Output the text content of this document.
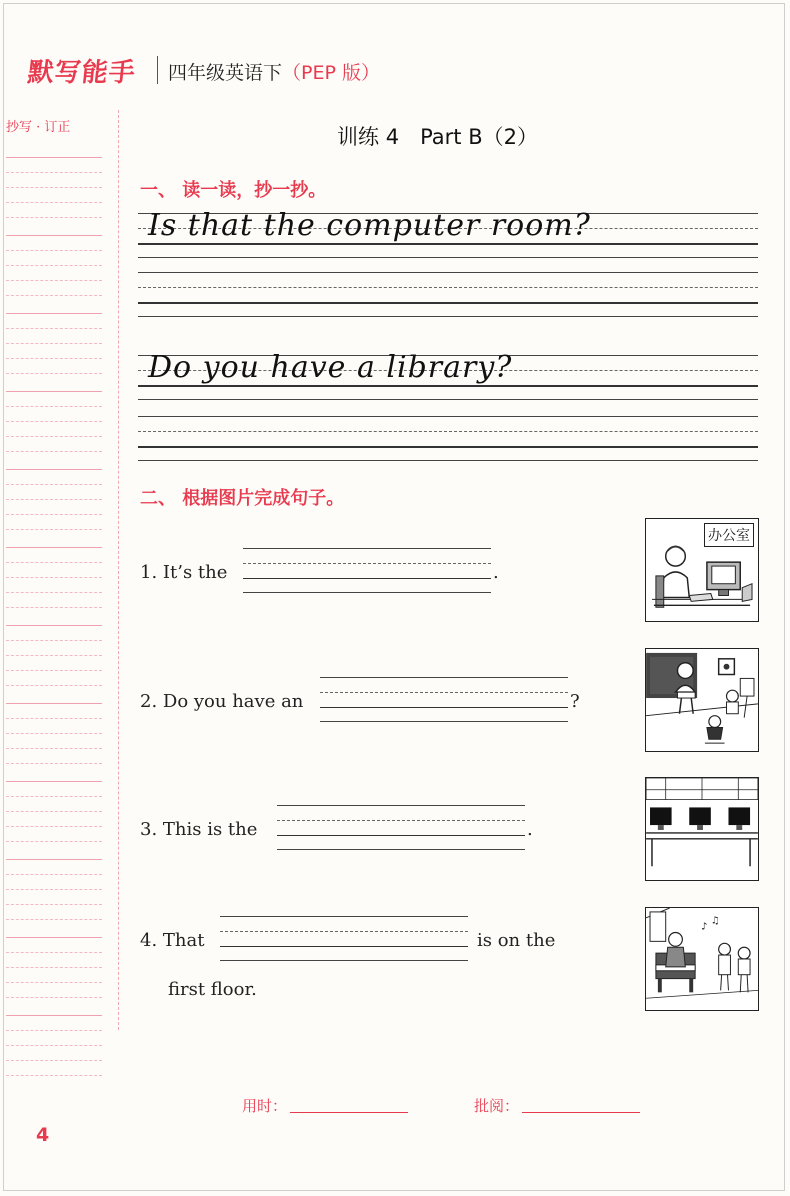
默写能手 四年级英语下（PEP 版）
抄写 · 订正	训练 4　Part B（2）
一、 读一读，抄一抄。
Is that the computer room?
Do you have a library?
二、 根据图片完成句子。
1. It’s the	.
2. Do you have an	?
3. This is the	.
4. That	is on the
first floor.
办公室
♪
♫
用时：	批阅：
4
